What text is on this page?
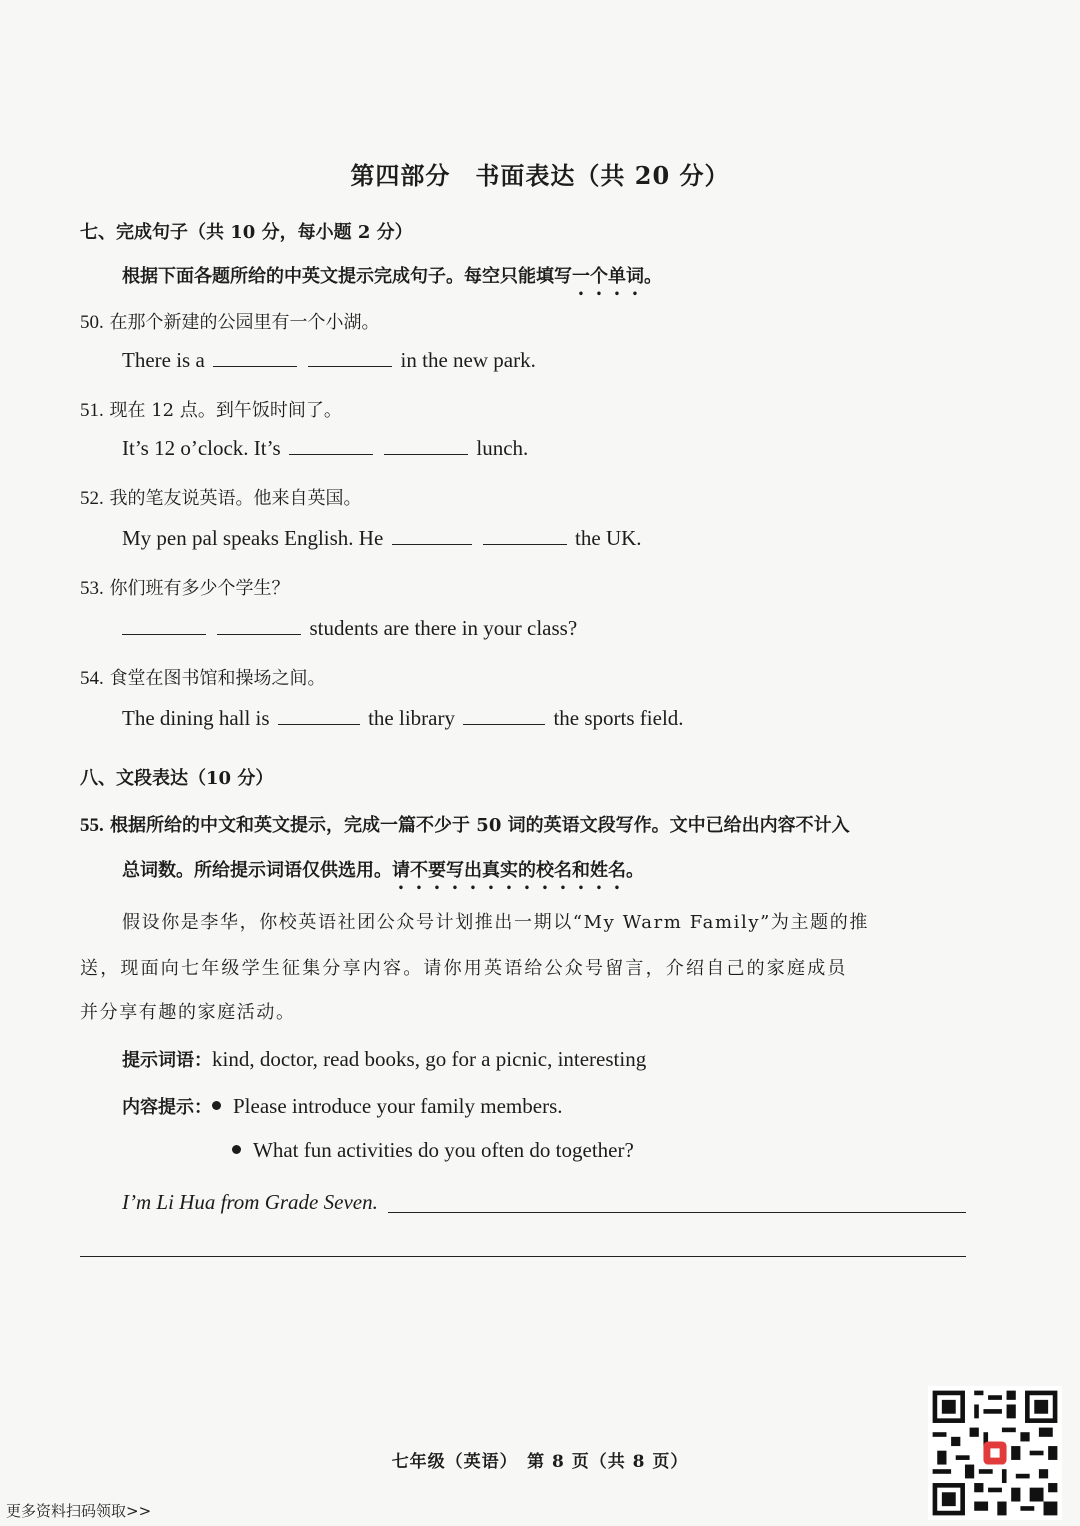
第四部分　书面表达（共 20 分）
七、完成句子（共 10 分，每小题 2 分）
根据下面各题所给的中英文提示完成句子。每空只能填写一个单词。
50. 在那个新建的公园里有一个小湖。
There is a	in the new park.
51. 现在 12 点。到午饭时间了。
It’s 12 o’clock. It’s	lunch.
52. 我的笔友说英语。他来自英国。
My pen pal speaks English. He	the UK.
53. 你们班有多少个学生？
students are there in your class?
54. 食堂在图书馆和操场之间。
The dining hall is	the library	the sports field.
八、文段表达（10 分）
55. 根据所给的中文和英文提示，完成一篇不少于 50 词的英语文段写作。文中已给出内容不计入
总词数。所给提示词语仅供选用。请不要写出真实的校名和姓名。
假设你是李华，你校英语社团公众号计划推出一期以“My Warm Family”为主题的推
送，现面向七年级学生征集分享内容。请你用英语给公众号留言，介绍自己的家庭成员
并分享有趣的家庭活动。
提示词语：kind, doctor, read books, go for a picnic, interesting
内容提示： Please introduce your family members.
What fun activities do you often do together?
I’m Li Hua from Grade Seven.
七年级（英语）　第 8 页（共 8 页）
更多资料扫码领取>>
